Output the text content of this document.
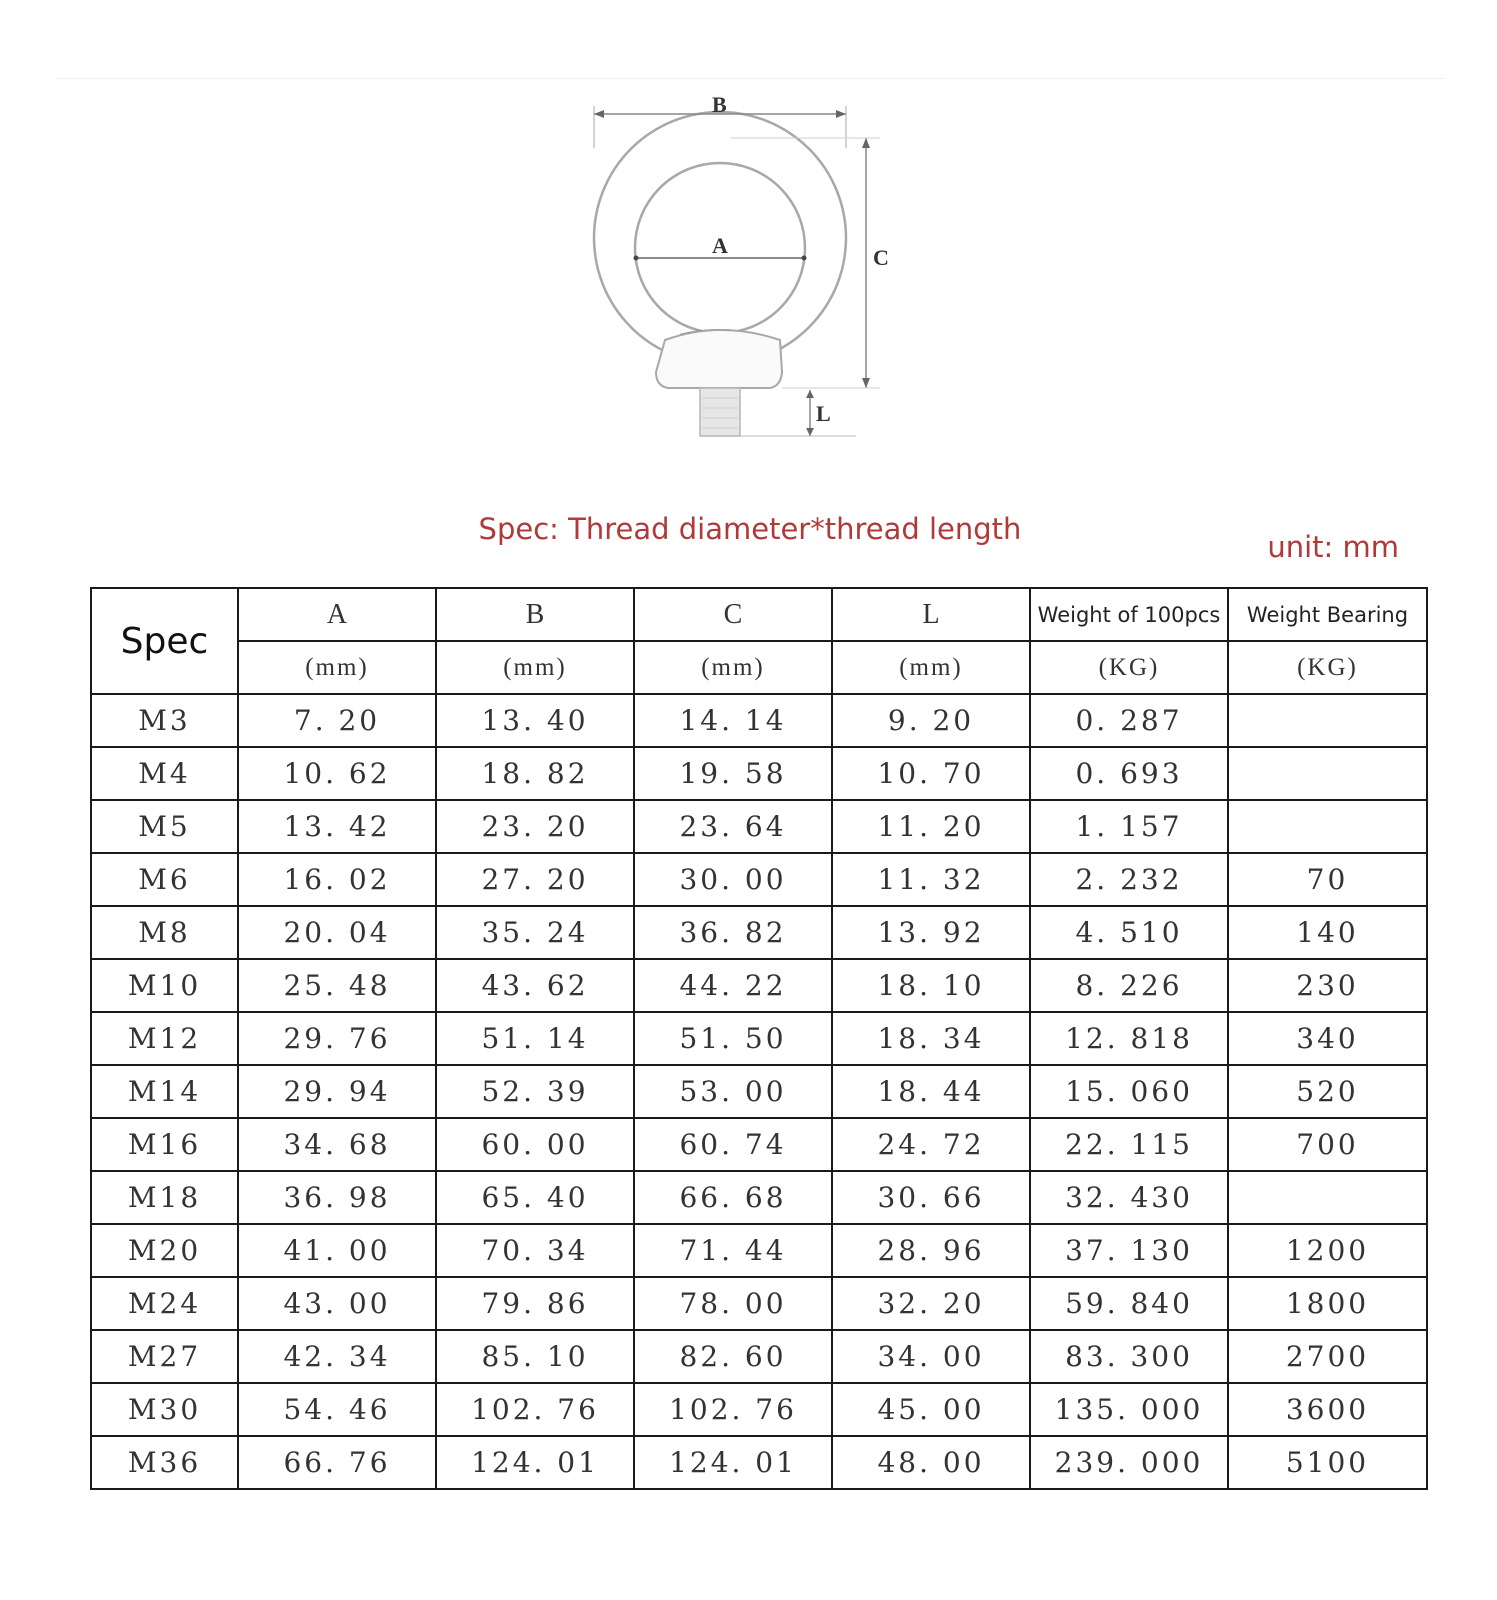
B
A	C
L
Spec: Thread diameter*thread length
unit: mm
Spec	A	B	C	L	Weight of 100pcs	Weight Bearing
	(mm)	(mm)	(mm)	(mm)	(KG)	(KG)
M3	7. 20	13. 40	14. 14	9. 20	0. 287	
M4	10. 62	18. 82	19. 58	10. 70	0. 693	
M5	13. 42	23. 20	23. 64	11. 20	1. 157	
M6	16. 02	27. 20	30. 00	11. 32	2. 232	70
M8	20. 04	35. 24	36. 82	13. 92	4. 510	140
M10	25. 48	43. 62	44. 22	18. 10	8. 226	230
M12	29. 76	51. 14	51. 50	18. 34	12. 818	340
M14	29. 94	52. 39	53. 00	18. 44	15. 060	520
M16	34. 68	60. 00	60. 74	24. 72	22. 115	700
M18	36. 98	65. 40	66. 68	30. 66	32. 430	
M20	41. 00	70. 34	71. 44	28. 96	37. 130	1200
M24	43. 00	79. 86	78. 00	32. 20	59. 840	1800
M27	42. 34	85. 10	82. 60	34. 00	83. 300	2700
M30	54. 46	102. 76	102. 76	45. 00	135. 000	3600
M36	66. 76	124. 01	124. 01	48. 00	239. 000	5100
